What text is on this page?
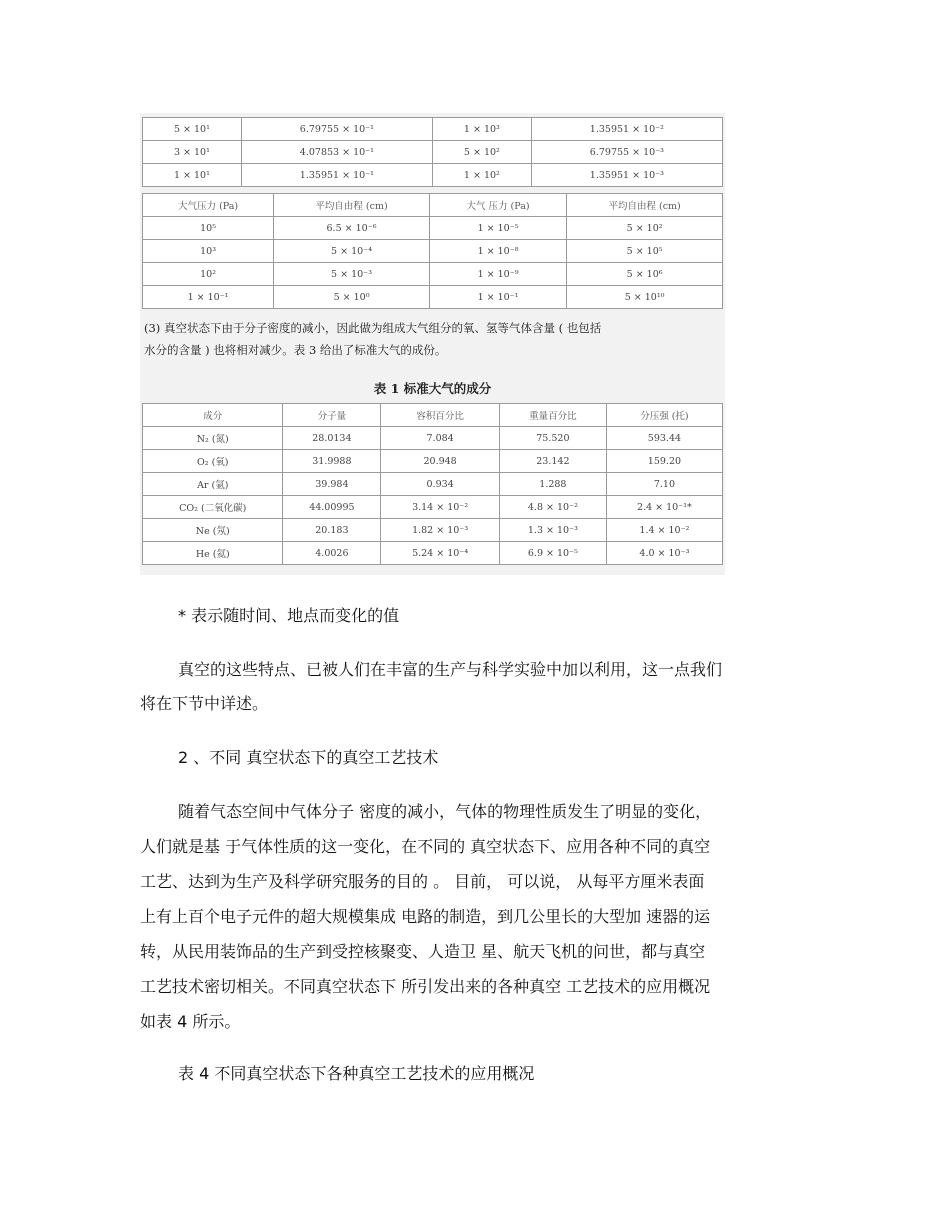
5 × 10¹	6.79755 × 10⁻¹	1 × 10³	1.35951 × 10⁻²
3 × 10¹	4.07853 × 10⁻¹	5 × 10²	6.79755 × 10⁻³
1 × 10¹	1.35951 × 10⁻¹	1 × 10²	1.35951 × 10⁻³
大气压力 (Pa)	平均自由程 (cm)	大气 压力 (Pa)	平均自由程 (cm)
10⁵	6.5 × 10⁻⁶	1 × 10⁻⁵	5 × 10²
10³	5 × 10⁻⁴	1 × 10⁻⁸	5 × 10⁵
10²	5 × 10⁻³	1 × 10⁻⁹	5 × 10⁶
1 × 10⁻¹	5 × 10⁰	1 × 10⁻¹	5 × 10¹⁰
(3) 真空状态下由于分子密度的减小，因此做为组成大气组分的氧、氢等气体含量 ( 也包括
水分的含量 ) 也将相对减少。表 3 给出了标准大气的成份。
表 1 标准大气的成分
成分	分子量	容积百分比	重量百分比	分压强 (托)
N₂ (氮)	28.0134	7.084	75.520	593.44
O₂ (氧)	31.9988	20.948	23.142	159.20
Ar (氩)	39.984	0.934	1.288	7.10
CO₂ (二氧化碳)	44.00995	3.14 × 10⁻²	4.8 × 10⁻²	2.4 × 10⁻¹*
Ne (氖)	20.183	1.82 × 10⁻³	1.3 × 10⁻³	1.4 × 10⁻²
He (氦)	4.0026	5.24 × 10⁻⁴	6.9 × 10⁻⁵	4.0 × 10⁻³
* 表示随时间、地点而变化的值
真空的这些特点、已被人们在丰富的生产与科学实验中加以利用，这一点我们
将在下节中详述。
2 、不同 真空状态下的真空工艺技术
随着气态空间中气体分子 密度的减小，气体的物理性质发生了明显的变化，
人们就是基 于气体性质的这一变化，在不同的 真空状态下、应用各种不同的真空
工艺、达到为生产及科学研究服务的目的 。 目前， 可以说， 从每平方厘米表面
上有上百个电子元件的超大规模集成 电路的制造，到几公里长的大型加 速器的运
转，从民用装饰品的生产到受控核聚变、人造卫 星、航天飞机的问世，都与真空
工艺技术密切相关。不同真空状态下 所引发出来的各种真空 工艺技术的应用概况
如表 4 所示。
表 4 不同真空状态下各种真空工艺技术的应用概况
